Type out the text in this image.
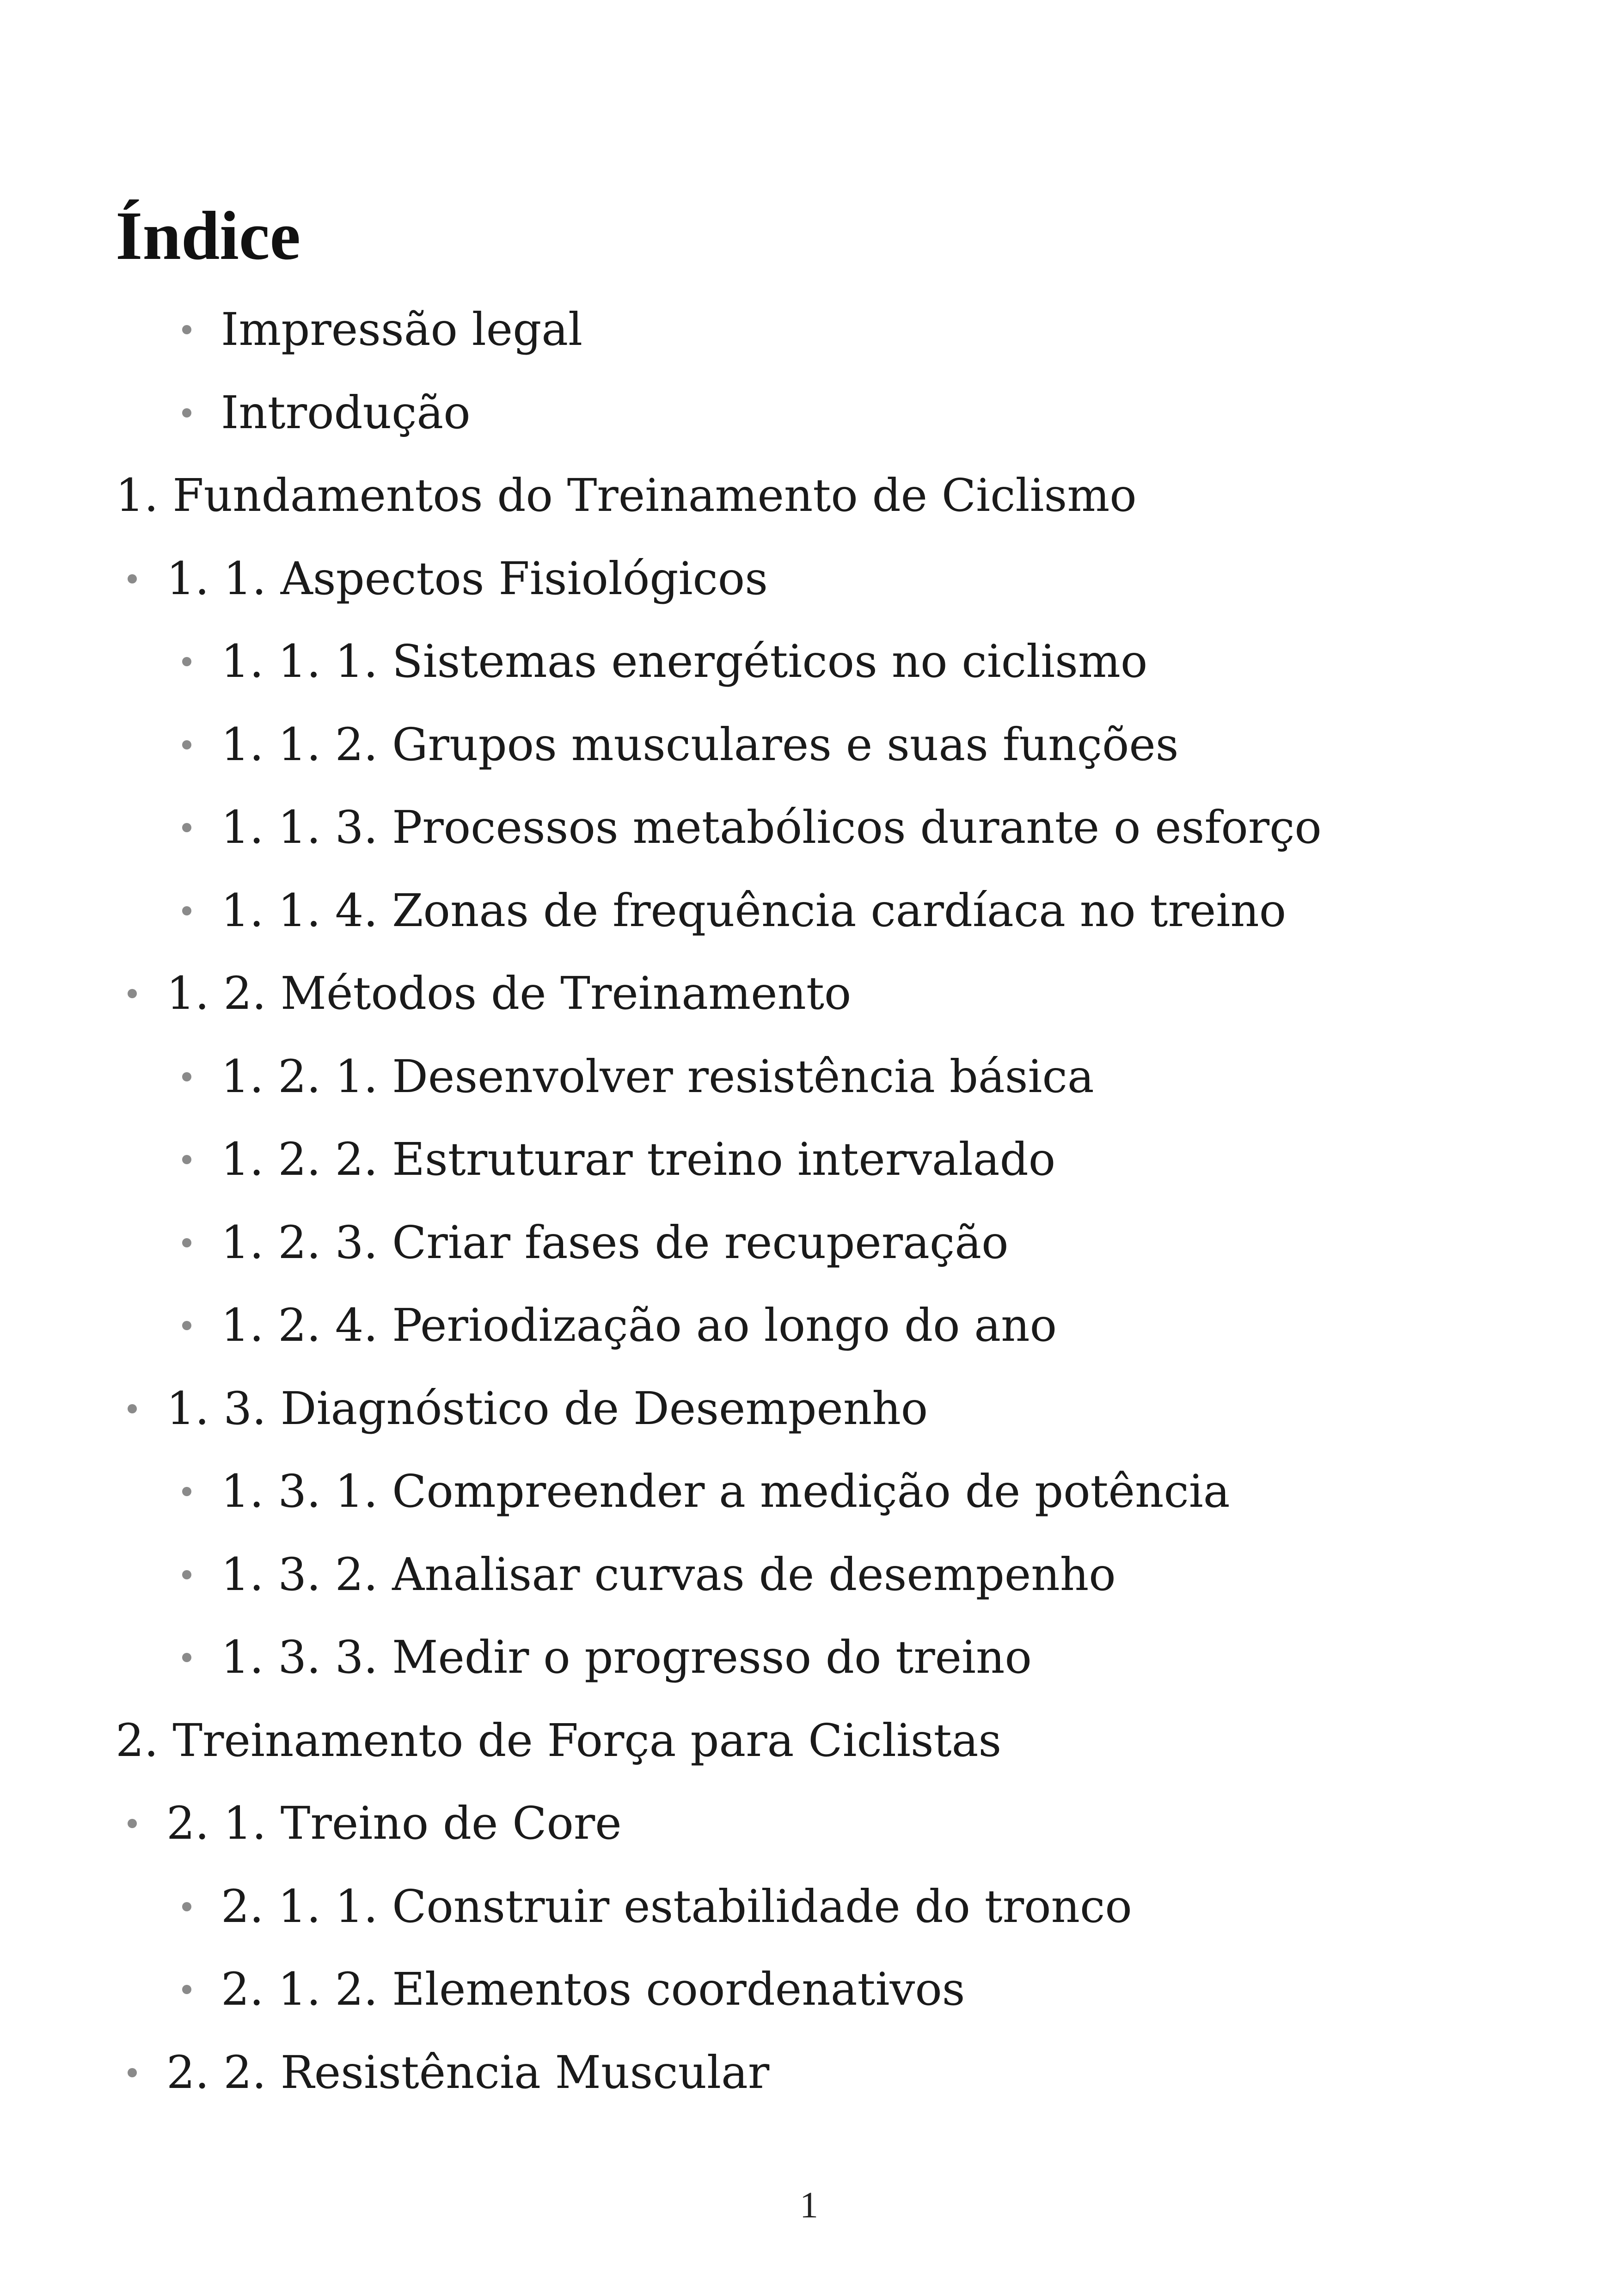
Índice
Impressão legal
Introdução
1. Fundamentos do Treinamento de Ciclismo
1. 1. Aspectos Fisiológicos
1. 1. 1. Sistemas energéticos no ciclismo
1. 1. 2. Grupos musculares e suas funções
1. 1. 3. Processos metabólicos durante o esforço
1. 1. 4. Zonas de frequência cardíaca no treino
1. 2. Métodos de Treinamento
1. 2. 1. Desenvolver resistência básica
1. 2. 2. Estruturar treino intervalado
1. 2. 3. Criar fases de recuperação
1. 2. 4. Periodização ao longo do ano
1. 3. Diagnóstico de Desempenho
1. 3. 1. Compreender a medição de potência
1. 3. 2. Analisar curvas de desempenho
1. 3. 3. Medir o progresso do treino
2. Treinamento de Força para Ciclistas
2. 1. Treino de Core
2. 1. 1. Construir estabilidade do tronco
2. 1. 2. Elementos coordenativos
2. 2. Resistência Muscular
1
